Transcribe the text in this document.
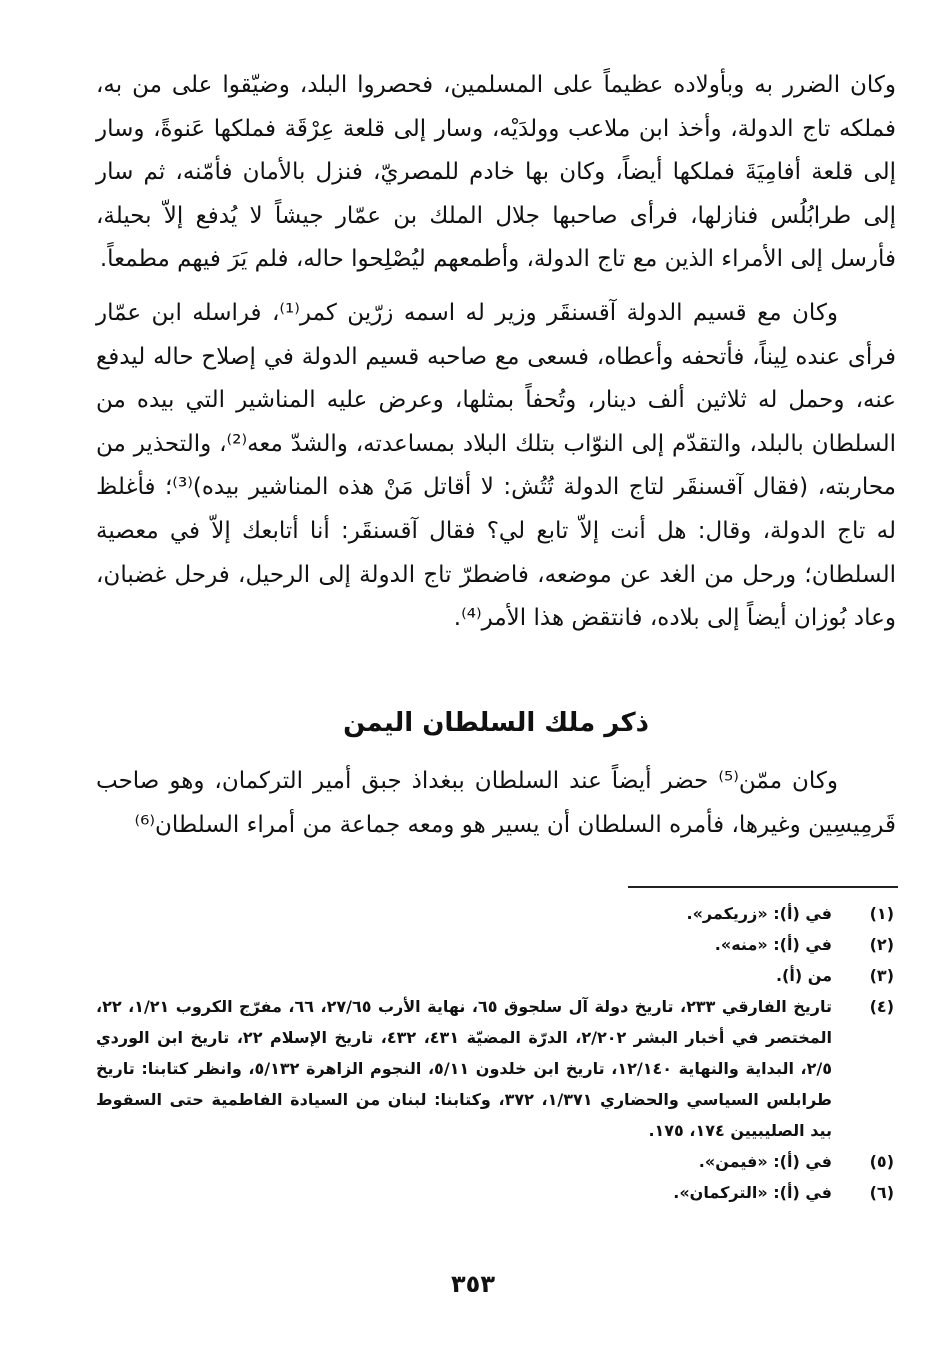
وكان الضرر به وبأولاده عظيماً على المسلمين، فحصروا البلد، وضيّقوا على من به، فملكه تاج الدولة، وأخذ ابن ملاعب وولدَيْه، وسار إلى قلعة عِرْقَة فملكها عَنوةً، وسار إلى قلعة أفامِيَةَ فملكها أيضاً، وكان بها خادم للمصريّ، فنزل بالأمان فأمّنه، ثم سار إلى طرابُلُس فنازلها، فرأى صاحبها جلال الملك بن عمّار جيشاً لا يُدفع إلاّ بحيلة، فأرسل إلى الأمراء الذين مع تاج الدولة، وأطمعهم ليُصْلِحوا حاله، فلم يَرَ فيهم مطمعاً.

وكان مع قسيم الدولة آقسنقَر وزير له اسمه زرّين كمر⁽¹⁾، فراسله ابن عمّار فرأى عنده لِيناً، فأتحفه وأعطاه، فسعى مع صاحبه قسيم الدولة في إصلاح حاله ليدفع عنه، وحمل له ثلاثين ألف دينار، وتُحفاً بمثلها، وعرض عليه المناشير التي بيده من السلطان بالبلد، والتقدّم إلى النوّاب بتلك البلاد بمساعدته، والشدّ معه⁽²⁾، والتحذير من محاربته، (فقال آقسنقَر لتاج الدولة تُتُش: لا أقاتل مَنْ هذه المناشير بيده)⁽³⁾؛ فأغلظ له تاج الدولة، وقال: هل أنت إلاّ تابع لي؟ فقال آقسنقَر: أنا أتابعك إلاّ في معصية السلطان؛ ورحل من الغد عن موضعه، فاضطرّ تاج الدولة إلى الرحيل، فرحل غضبان، وعاد بُوزان أيضاً إلى بلاده، فانتقض هذا الأمر⁽⁴⁾.

ذكر ملك السلطان اليمن

وكان ممّن⁽⁵⁾ حضر أيضاً عند السلطان ببغداذ جبق أمير التركمان، وهو صاحب قَرمِيسِين وغيرها، فأمره السلطان أن يسير هو ومعه جماعة من أمراء السلطان⁽⁶⁾

(١)
في (أ): «زريكمر».
(٢)
في (أ): «منه».
(٣)
من (أ).
(٤)
تاريخ الفارقي ٢٣٣، تاريخ دولة آل سلجوق ٦٥، نهاية الأرب ٢٧/٦٥، ٦٦، مفرّج الكروب ١/٢١، ٢٢، المختصر في أخبار البشر ٢/٢٠٢، الدرّة المضيّة ٤٣١، ٤٣٢، تاريخ الإسلام ٢٢، تاريخ ابن الوردي ٢/٥، البداية والنهاية ١٢/١٤٠، تاريخ ابن خلدون ٥/١١، النجوم الزاهرة ٥/١٣٢، وانظر كتابنا: تاريخ طرابلس السياسي والحضاري ١/٣٧١، ٣٧٢، وكتابنا: لبنان من السيادة الفاطمية حتى السقوط بيد الصليبيين ١٧٤، ١٧٥.
(٥)
في (أ): «فيمن».
(٦)
في (أ): «التركمان».
٣٥٣
